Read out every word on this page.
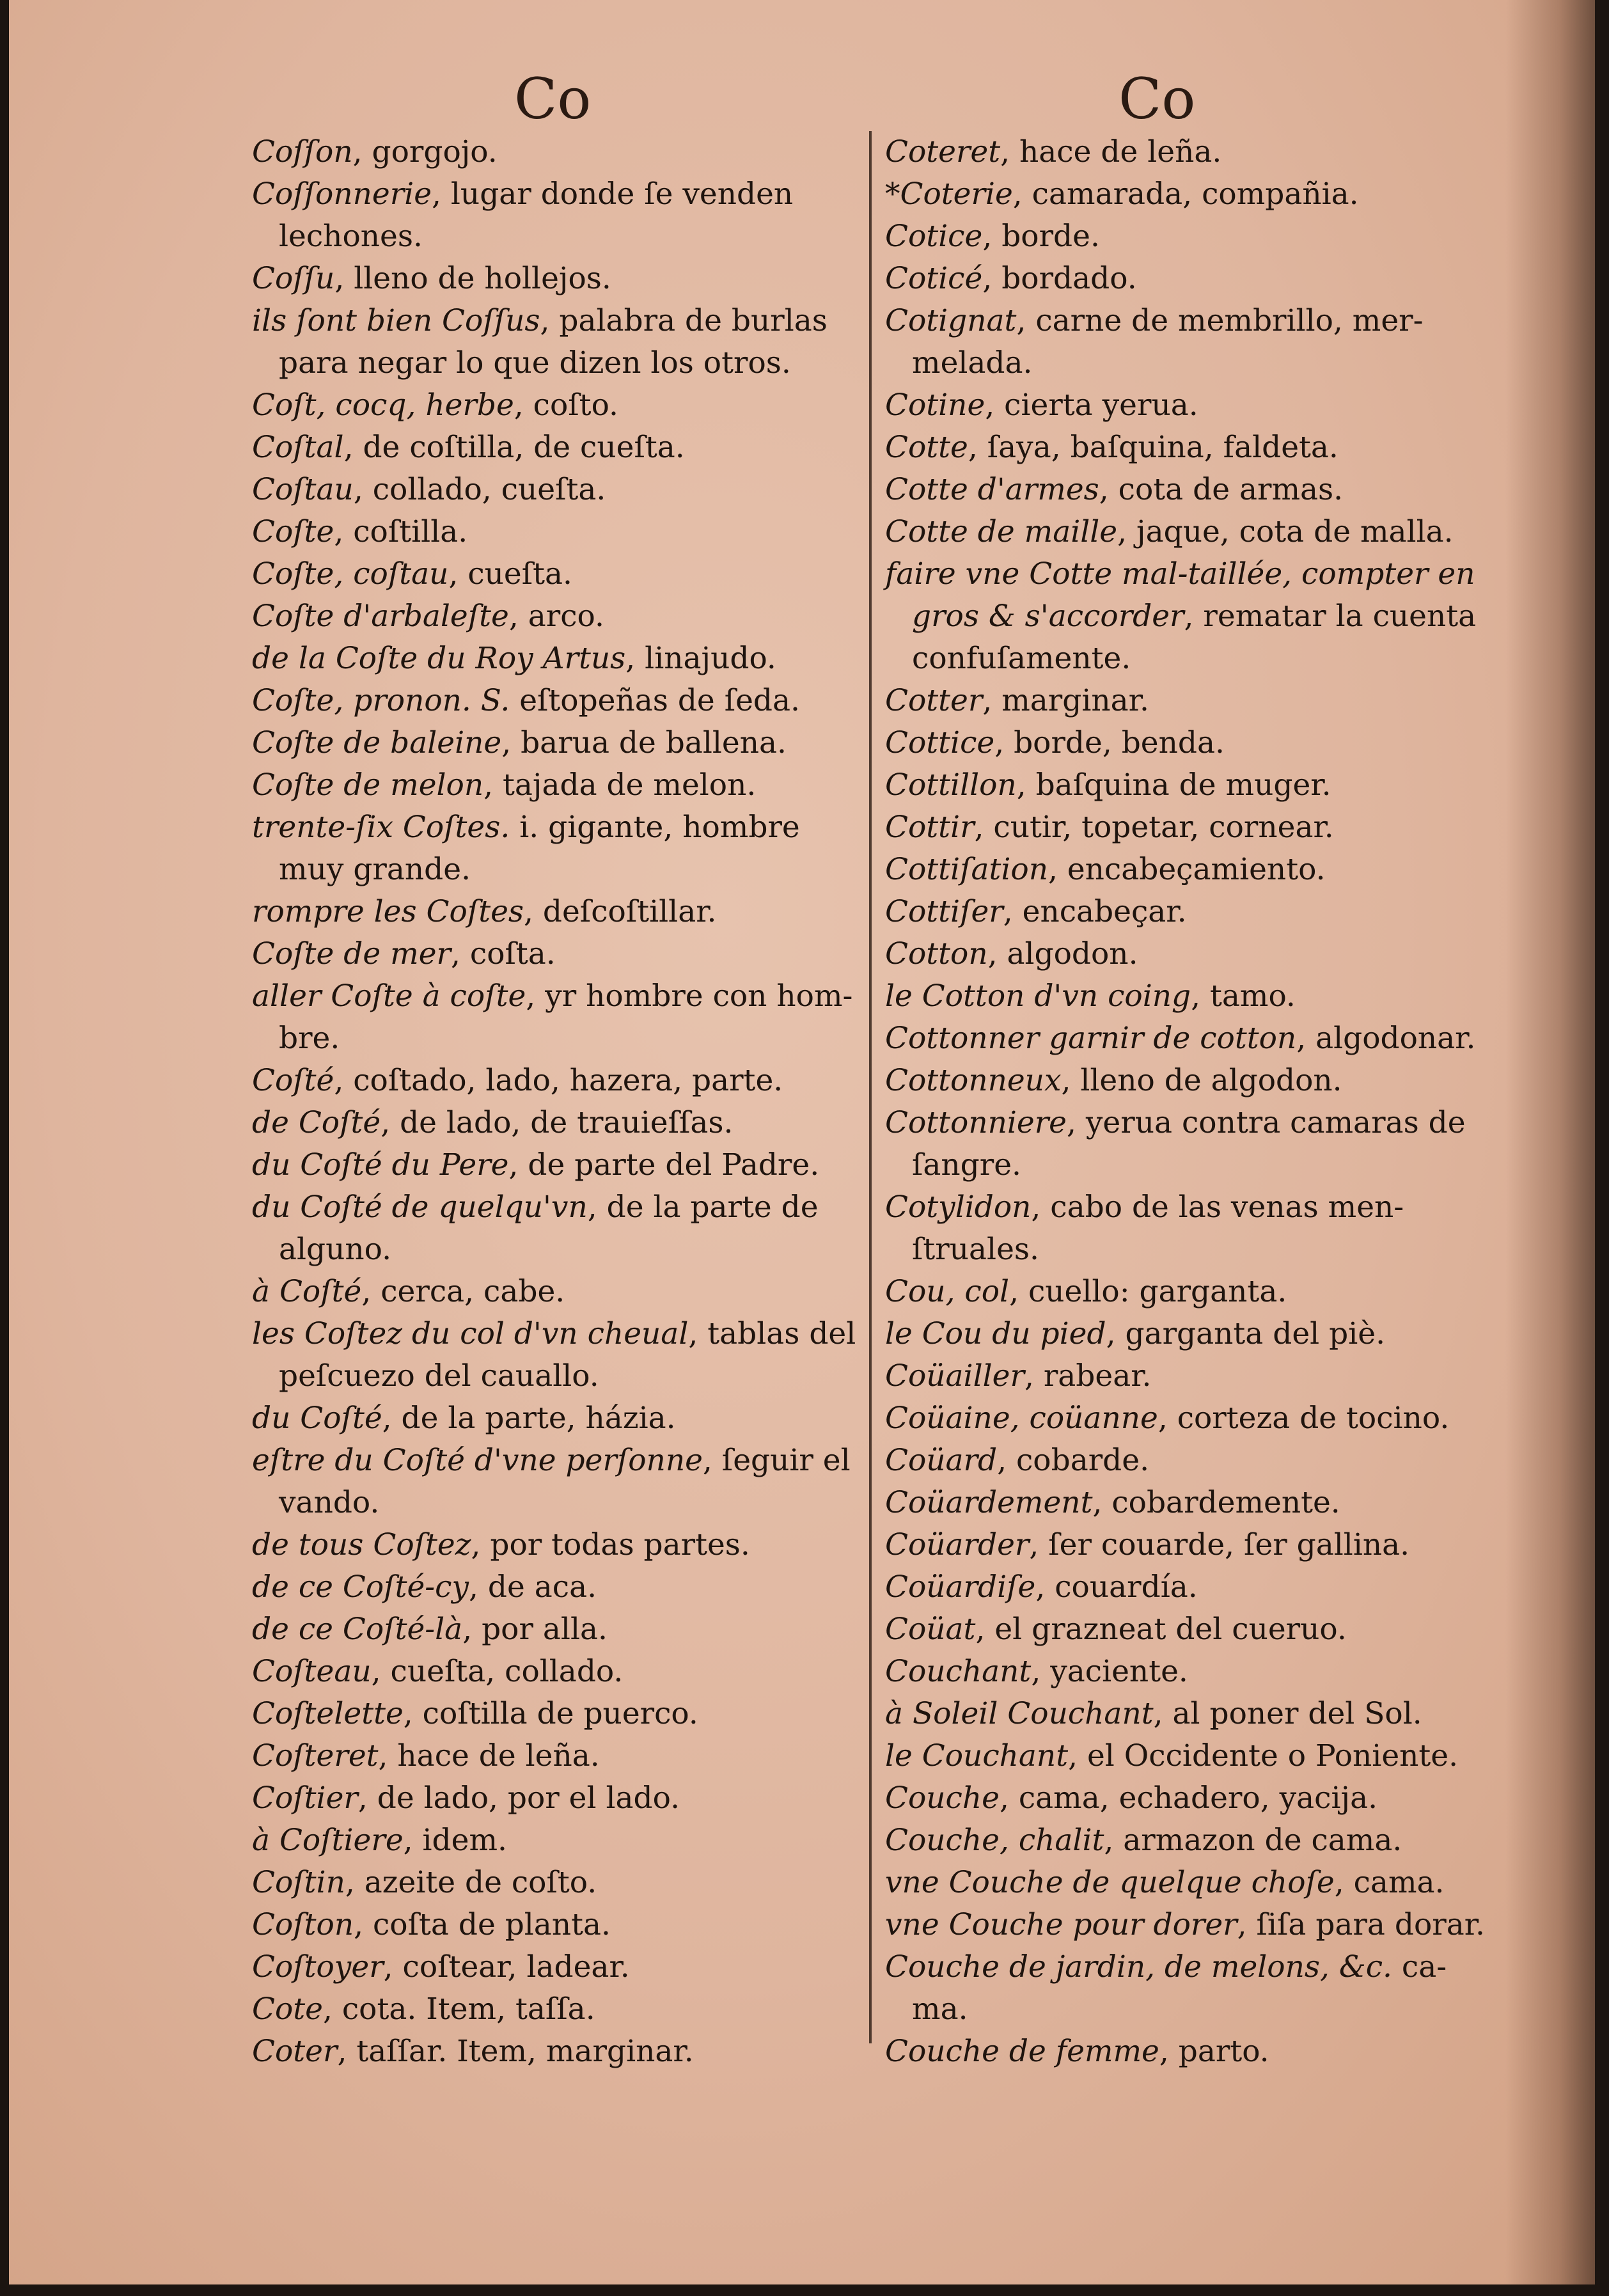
Co	Co
Coſſon, gorgojo.
Coſſonnerie, lugar donde ſe venden
lechones.
Coſſu, lleno de hollejos.
ils ſont bien Coſſus, palabra de burlas
para negar lo que dizen los otros.
Coſt, cocq, herbe, coſto.
Coſtal, de coſtilla, de cueſta.
Coſtau, collado, cueſta.
Coſte, coſtilla.
Coſte, coſtau, cueſta.
Coſte d'arbaleſte, arco.
de la Coſte du Roy Artus, linajudo.
Coſte, pronon. S. eſtopeñas de ſeda.
Coſte de baleine, barua de ballena.
Coſte de melon, tajada de melon.
trente-ſix Coſtes. i. gigante, hombre
muy grande.
rompre les Coſtes, deſcoſtillar.
Coſte de mer, coſta.
aller Coſte à coſte, yr hombre con hom-
bre.
Coſté, coſtado, lado, hazera, parte.
de Coſté, de lado, de trauieſſas.
du Coſté du Pere, de parte del Padre.
du Coſté de quelqu'vn, de la parte de
alguno.
à Coſté, cerca, cabe.
les Coſtez du col d'vn cheual, tablas del
peſcuezo del cauallo.
du Coſté, de la parte, házia.
eſtre du Coſté d'vne perſonne, ſeguir el
vando.
de tous Coſtez, por todas partes.
de ce Coſté-cy, de aca.
de ce Coſté-là, por alla.
Coſteau, cueſta, collado.
Coſtelette, coſtilla de puerco.
Coſteret, hace de leña.
Coſtier, de lado, por el lado.
à Coſtiere, idem.
Coſtin, azeite de coſto.
Coſton, coſta de planta.
Coſtoyer, coſtear, ladear.
Cote, cota. Item, taſſa.
Coter, taſſar. Item, marginar.
Coteret, hace de leña.
*Coterie, camarada, compañia.
Cotice, borde.
Coticé, bordado.
Cotignat, carne de membrillo, mer-
melada.
Cotine, cierta yerua.
Cotte, ſaya, baſquina, faldeta.
Cotte d'armes, cota de armas.
Cotte de maille, jaque, cota de malla.
faire vne Cotte mal-taillée, compter en
gros & s'accorder, rematar la cuenta
confuſamente.
Cotter, marginar.
Cottice, borde, benda.
Cottillon, baſquina de muger.
Cottir, cutir, topetar, cornear.
Cottiſation, encabeçamiento.
Cottiſer, encabeçar.
Cotton, algodon.
le Cotton d'vn coing, tamo.
Cottonner garnir de cotton, algodonar.
Cottonneux, lleno de algodon.
Cottonniere, yerua contra camaras de
ſangre.
Cotylidon, cabo de las venas men-
ſtruales.
Cou, col, cuello: garganta.
le Cou du pied, garganta del piè.
Coüailler, rabear.
Coüaine, coüanne, corteza de tocino.
Coüard, cobarde.
Coüardement, cobardemente.
Coüarder, ſer couarde, ſer gallina.
Coüardiſe, couardía.
Coüat, el grazneat del cueruo.
Couchant, yaciente.
à Soleil Couchant, al poner del Sol.
le Couchant, el Occidente o Poniente.
Couche, cama, echadero, yacija.
Couche, chalit, armazon de cama.
vne Couche de quelque choſe, cama.
vne Couche pour dorer, ſiſa para dorar.
Couche de jardin, de melons, &c. ca-
ma.
Couche de femme, parto.
